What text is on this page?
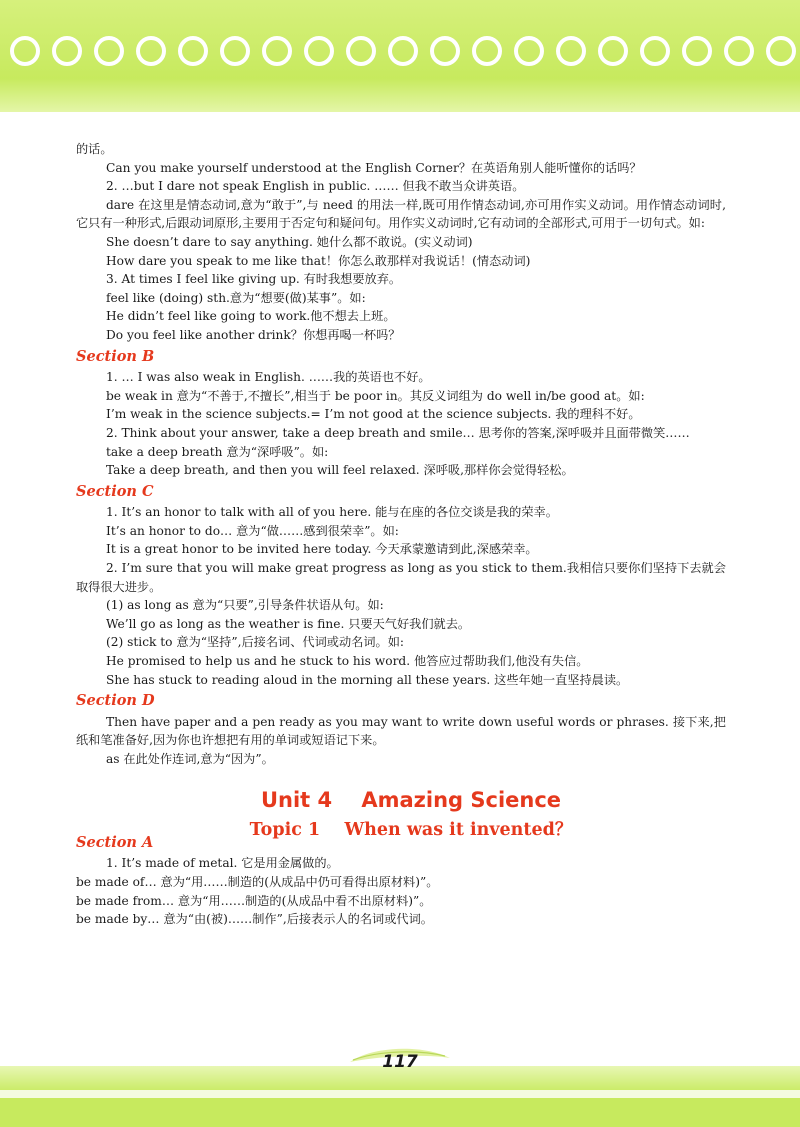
的话。

Can you make yourself understood at the English Corner？在英语角别人能听懂你的话吗？

2. …but I dare not speak English in public. …… 但我不敢当众讲英语。

dare 在这里是情态动词,意为“敢于”,与 need 的用法一样,既可用作情态动词,亦可用作实义动词。用作情态动词时,它只有一种形式,后跟动词原形,主要用于否定句和疑问句。用作实义动词时,它有动词的全部形式,可用于一切句式。如:

She doesn’t dare to say anything. 她什么都不敢说。(实义动词)

How dare you speak to me like that！你怎么敢那样对我说话！(情态动词)

3. At times I feel like giving up. 有时我想要放弃。

feel like (doing) sth.意为“想要(做)某事”。如:

He didn’t feel like going to work.他不想去上班。

Do you feel like another drink？你想再喝一杯吗？

Section B

1. … I was also weak in English. ……我的英语也不好。

be weak in 意为“不善于,不擅长”,相当于 be poor in。其反义词组为 do well in/be good at。如:

I’m weak in the science subjects.= I’m not good at the science subjects. 我的理科不好。

2. Think about your answer, take a deep breath and smile… 思考你的答案,深呼吸并且面带微笑……

take a deep breath 意为“深呼吸”。如:

Take a deep breath, and then you will feel relaxed. 深呼吸,那样你会觉得轻松。

Section C

1. It’s an honor to talk with all of you here. 能与在座的各位交谈是我的荣幸。

It’s an honor to do… 意为“做……感到很荣幸”。如:

It is a great honor to be invited here today. 今天承蒙邀请到此,深感荣幸。

2. I’m sure that you will make great progress as long as you stick to them.我相信只要你们坚持下去就会取得很大进步。

(1) as long as 意为“只要”,引导条件状语从句。如:

We’ll go as long as the weather is fine. 只要天气好我们就去。

(2) stick to 意为“坚持”,后接名词、代词或动名词。如:

He promised to help us and he stuck to his word. 他答应过帮助我们,他没有失信。

She has stuck to reading aloud in the morning all these years. 这些年她一直坚持晨读。

Section D

Then have paper and a pen ready as you may want to write down useful words or phrases. 接下来,把纸和笔准备好,因为你也许想把有用的单词或短语记下来。

as 在此处作连词,意为“因为”。

Unit 4    Amazing Science
Topic 1    When was it invented？
Section A

1. It’s made of metal. 它是用金属做的。

be made of… 意为“用……制造的(从成品中仍可看得出原材料)”。

be made from… 意为“用……制造的(从成品中看不出原材料)”。

be made by… 意为“由(被)……制作”,后接表示人的名词或代词。

117
